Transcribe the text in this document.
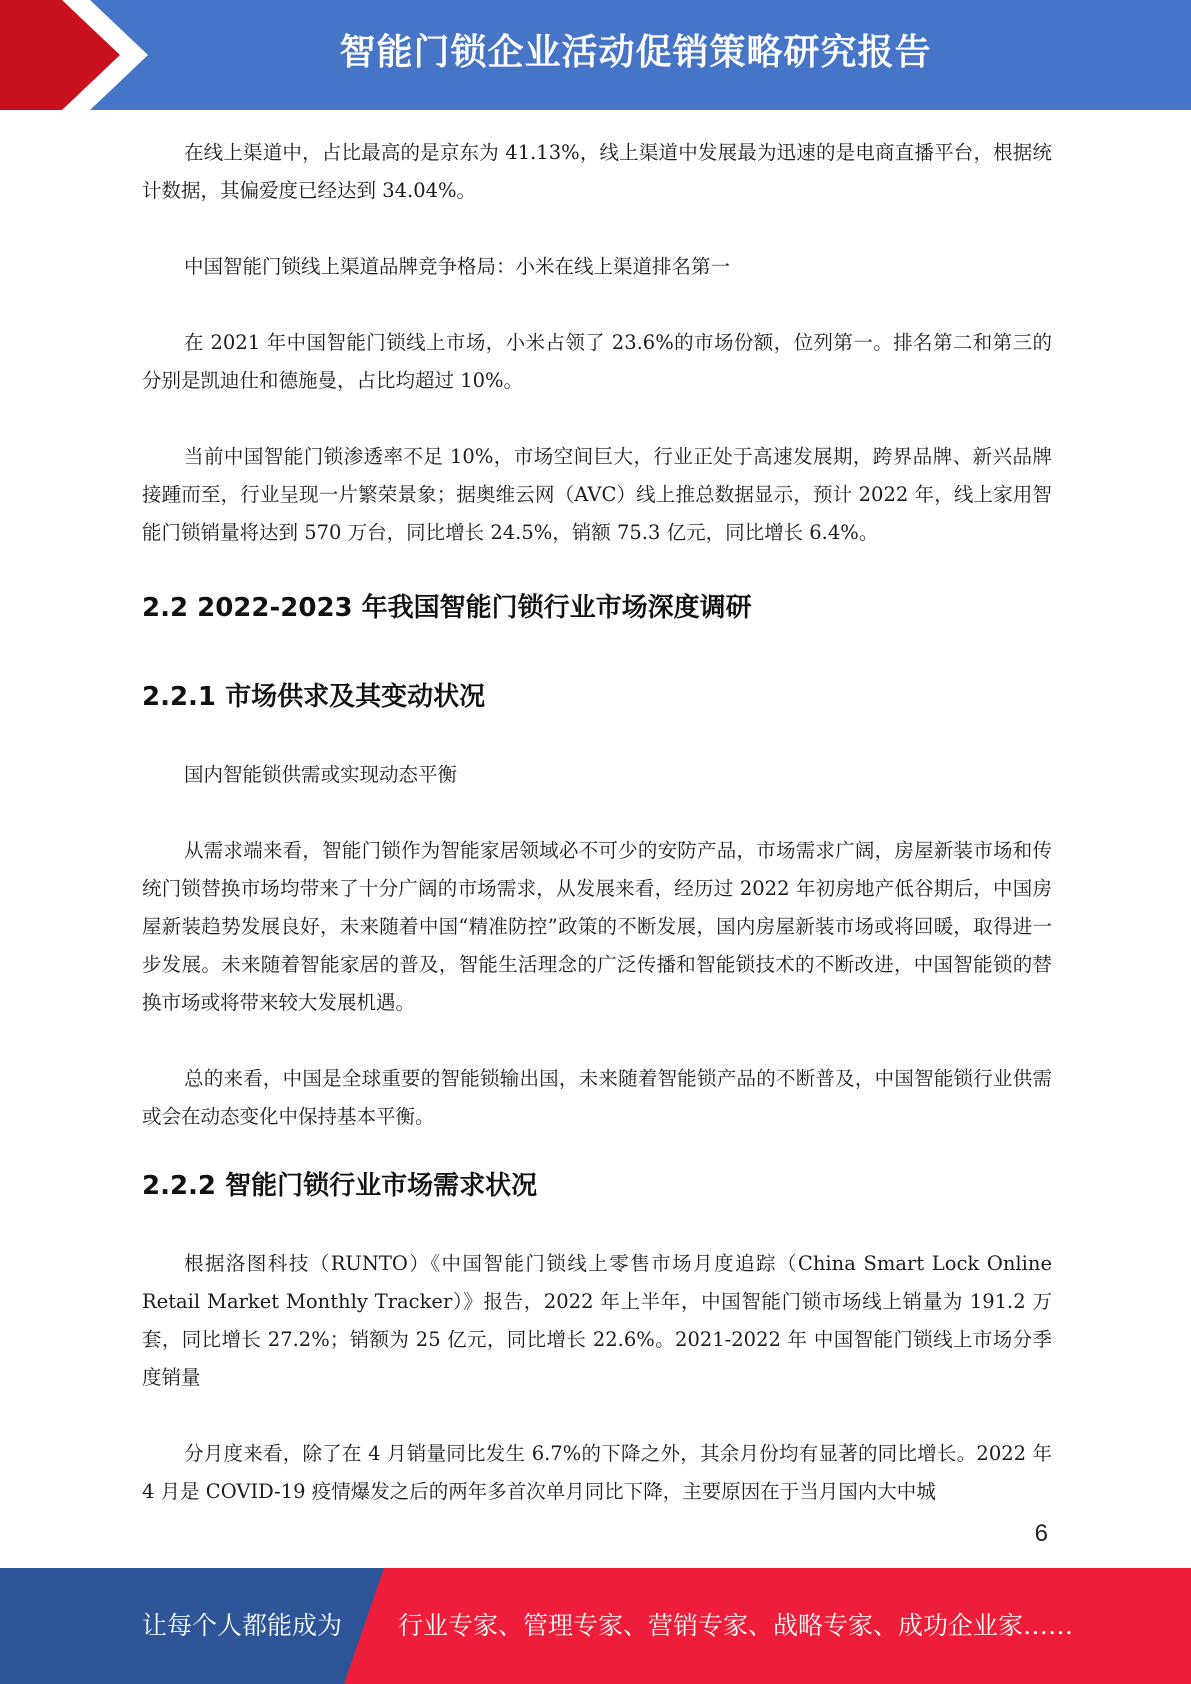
智能门锁企业活动促销策略研究报告

在线上渠道中，占比最高的是京东为 41.13%，线上渠道中发展最为迅速的是电商直播平台，根据统计数据，其偏爱度已经达到 34.04%。

中国智能门锁线上渠道品牌竞争格局：小米在线上渠道排名第一

在 2021 年中国智能门锁线上市场，小米占领了 23.6%的市场份额，位列第一。排名第二和第三的分别是凯迪仕和德施曼，占比均超过 10%。

当前中国智能门锁渗透率不足 10%，市场空间巨大，行业正处于高速发展期，跨界品牌、新兴品牌接踵而至，行业呈现一片繁荣景象；据奥维云网（AVC）线上推总数据显示，预计 2022 年，线上家用智能门锁销量将达到 570 万台，同比增长 24.5%，销额 75.3 亿元，同比增长 6.4%。

2.2 2022-2023 年我国智能门锁行业市场深度调研
2.2.1 市场供求及其变动状况

国内智能锁供需或实现动态平衡

从需求端来看，智能门锁作为智能家居领域必不可少的安防产品，市场需求广阔，房屋新装市场和传统门锁替换市场均带来了十分广阔的市场需求，从发展来看，经历过 2022 年初房地产低谷期后，中国房屋新装趋势发展良好，未来随着中国“精准防控”政策的不断发展，国内房屋新装市场或将回暖，取得进一步发展。未来随着智能家居的普及，智能生活理念的广泛传播和智能锁技术的不断改进，中国智能锁的替换市场或将带来较大发展机遇。

总的来看，中国是全球重要的智能锁输出国，未来随着智能锁产品的不断普及，中国智能锁行业供需或会在动态变化中保持基本平衡。

2.2.2 智能门锁行业市场需求状况

根据洛图科技（RUNTO）《中国智能门锁线上零售市场月度追踪（China Smart Lock Online Retail Market Monthly Tracker）》报告，2022 年上半年，中国智能门锁市场线上销量为 191.2 万套，同比增长 27.2%；销额为 25 亿元，同比增长 22.6%。2021-2022 年 中国智能门锁线上市场分季度销量

分月度来看，除了在 4 月销量同比发生 6.7%的下降之外，其余月份均有显著的同比增长。2022 年 4 月是 COVID-19 疫情爆发之后的两年多首次单月同比下降，主要原因在于当月国内大中城

6
让每个人都能成为 行业专家、管理专家、营销专家、战略专家、成功企业家……
